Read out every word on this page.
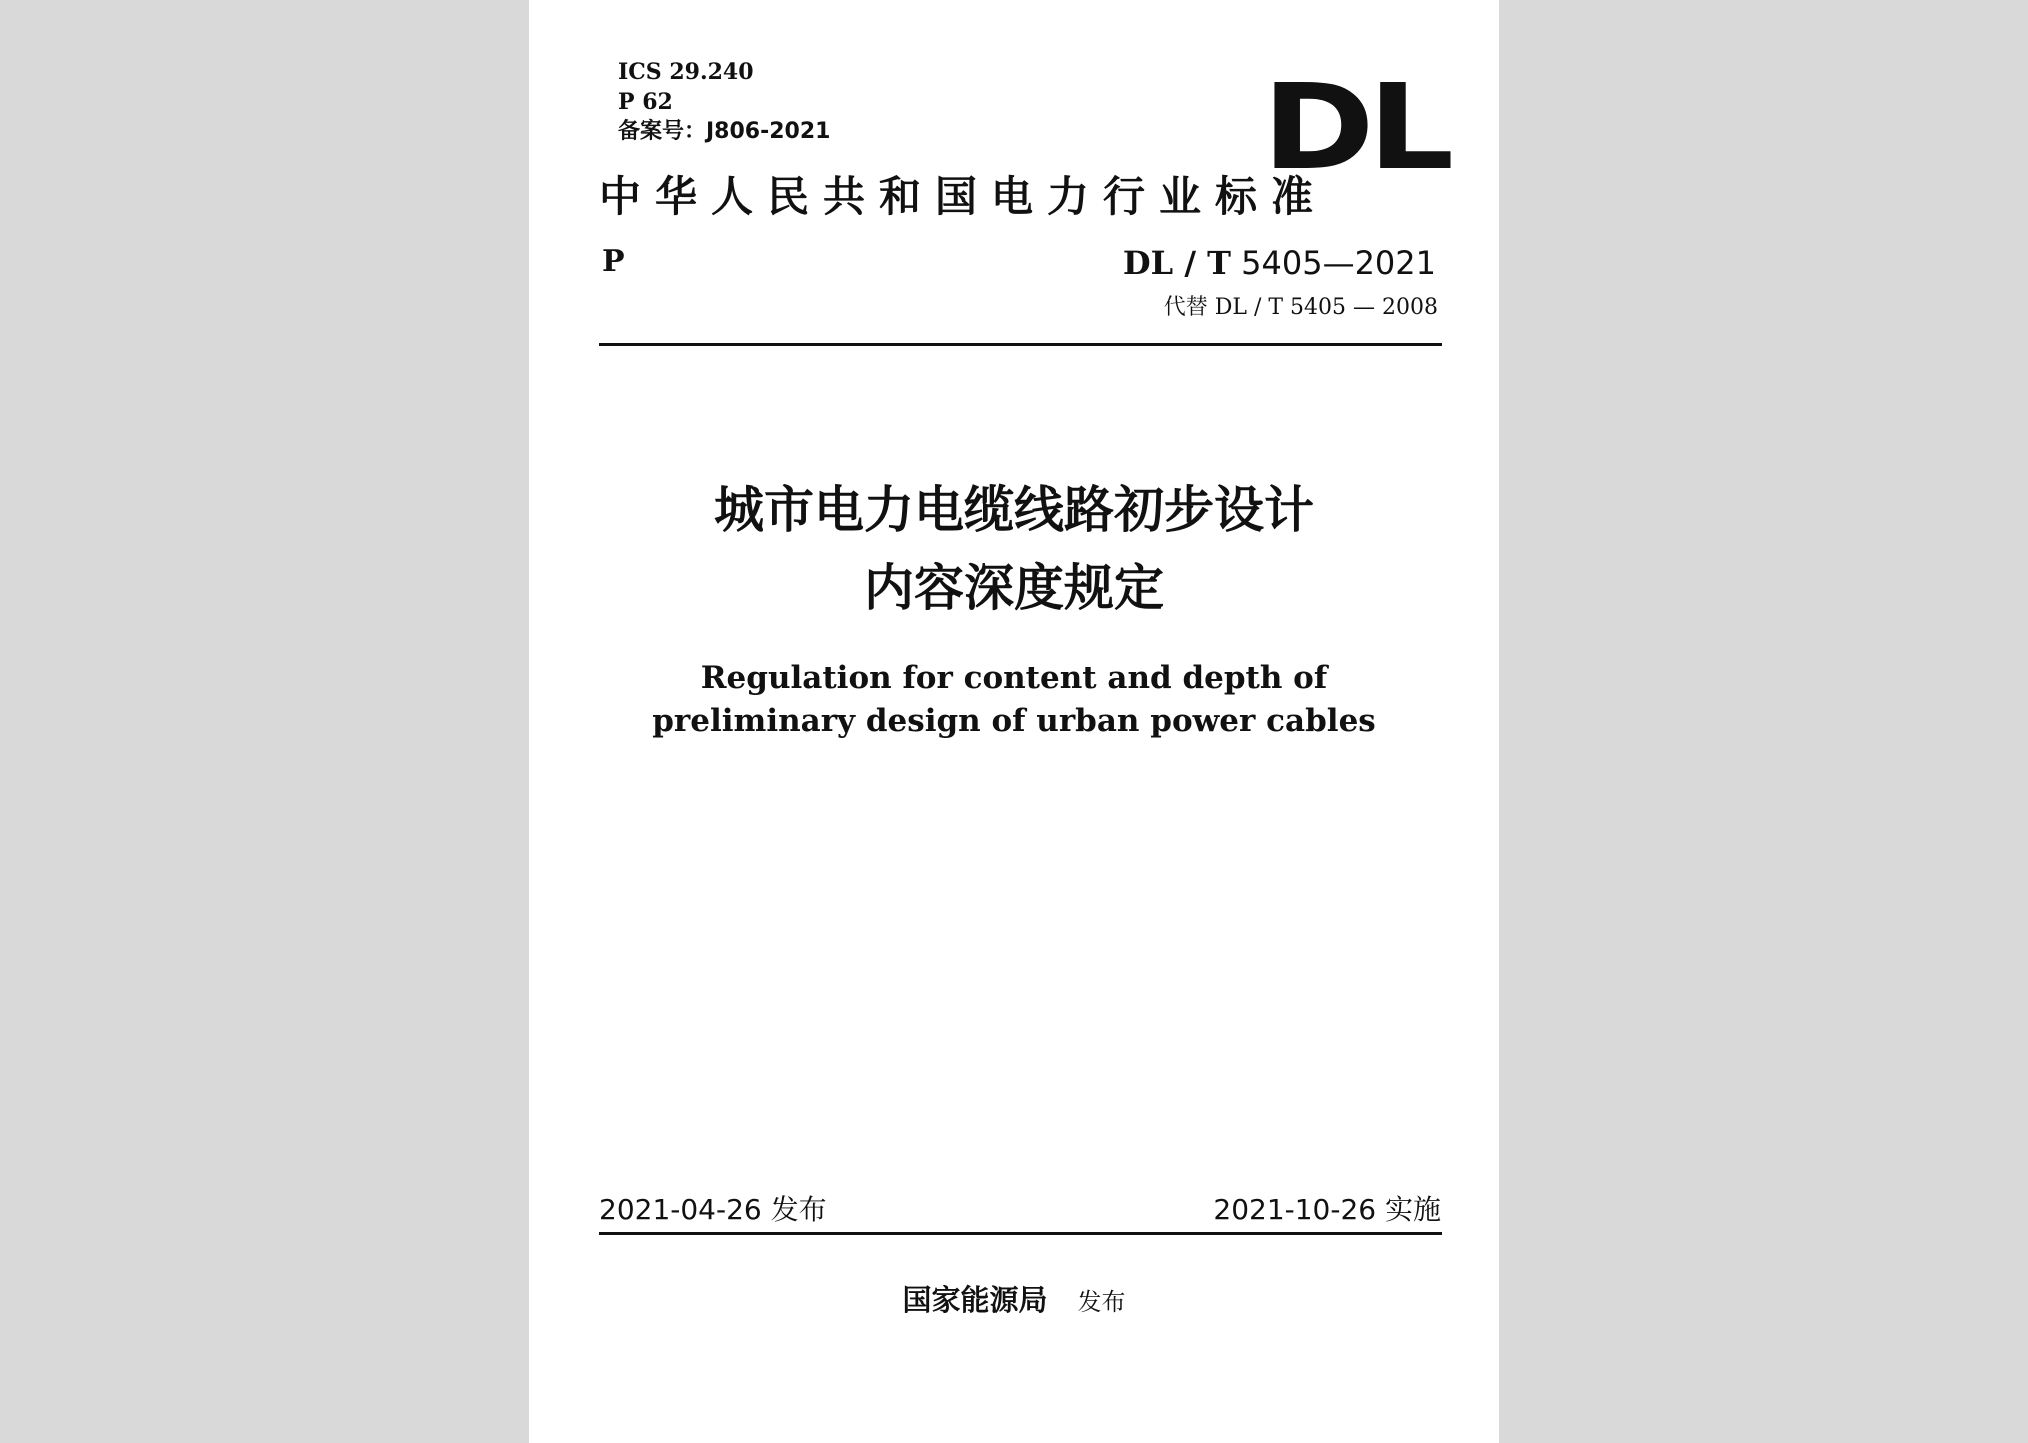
ICS 29.240
P 62
备案号：J806-2021	DL
中华人民共和国电力行业标准
P	DL / T 5405—2021
代替 DL / T 5405 — 2008
城市电力电缆线路初步设计
内容深度规定
Regulation for content and depth of
preliminary design of urban power cables
2021-04-26 发布	2021-10-26 实施
国家能源局 发布
